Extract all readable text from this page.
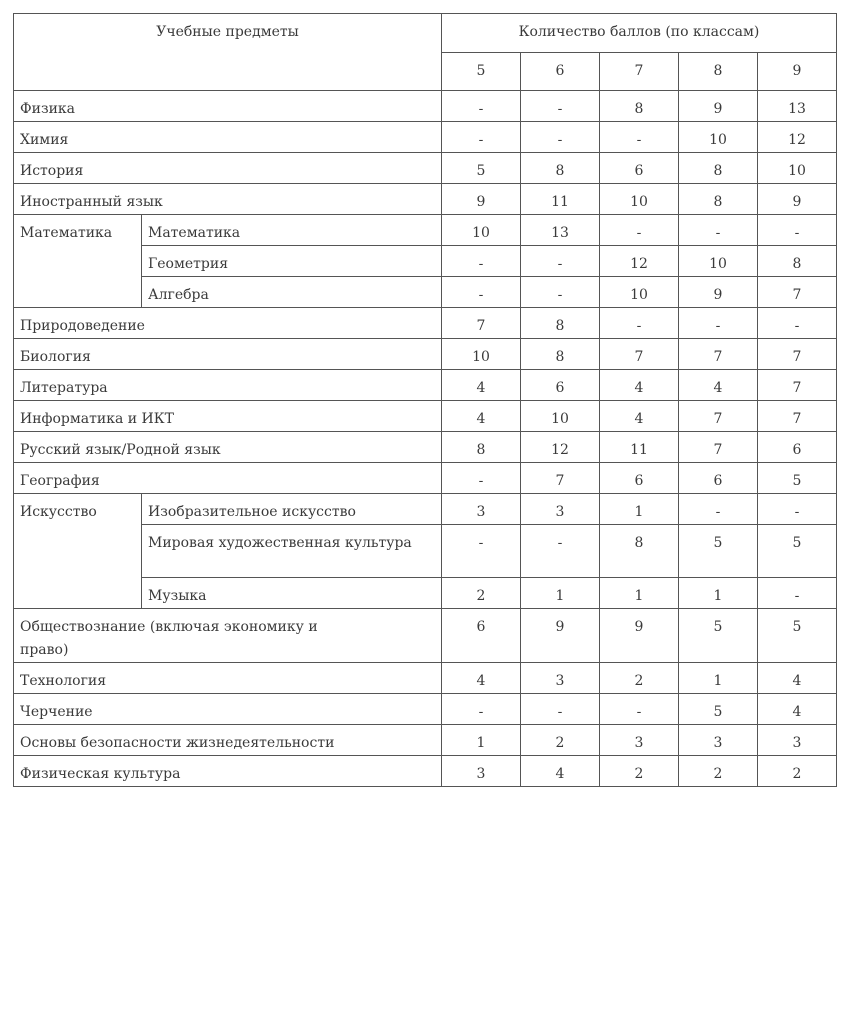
Учебные предметы		Количество баллов (по классам)				
		5	6	7	8	9
Физика		-	-	8	9	13
Химия		-	-	-	10	12
История		5	8	6	8	10
Иностранный язык		9	11	10	8	9
Математика	Математика	10	13	-	-	-
	Геометрия	-	-	12	10	8
	Алгебра	-	-	10	9	7
Природоведение		7	8	-	-	-
Биология		10	8	7	7	7
Литература		4	6	4	4	7
Информатика и ИКТ		4	10	4	7	7
Русский язык/Родной язык		8	12	11	7	6
География		-	7	6	6	5
Искусство	Изобразительное искусство	3	3	1	-	-
	Мировая художественная культура	-	-	8	5	5
	Музыка	2	1	1	1	-
Обществознание (включая экономику и право)		6	9	9	5	5
Технология		4	3	2	1	4
Черчение		-	-	-	5	4
Основы безопасности жизнедеятельности		1	2	3	3	3
Физическая культура		3	4	2	2	2
